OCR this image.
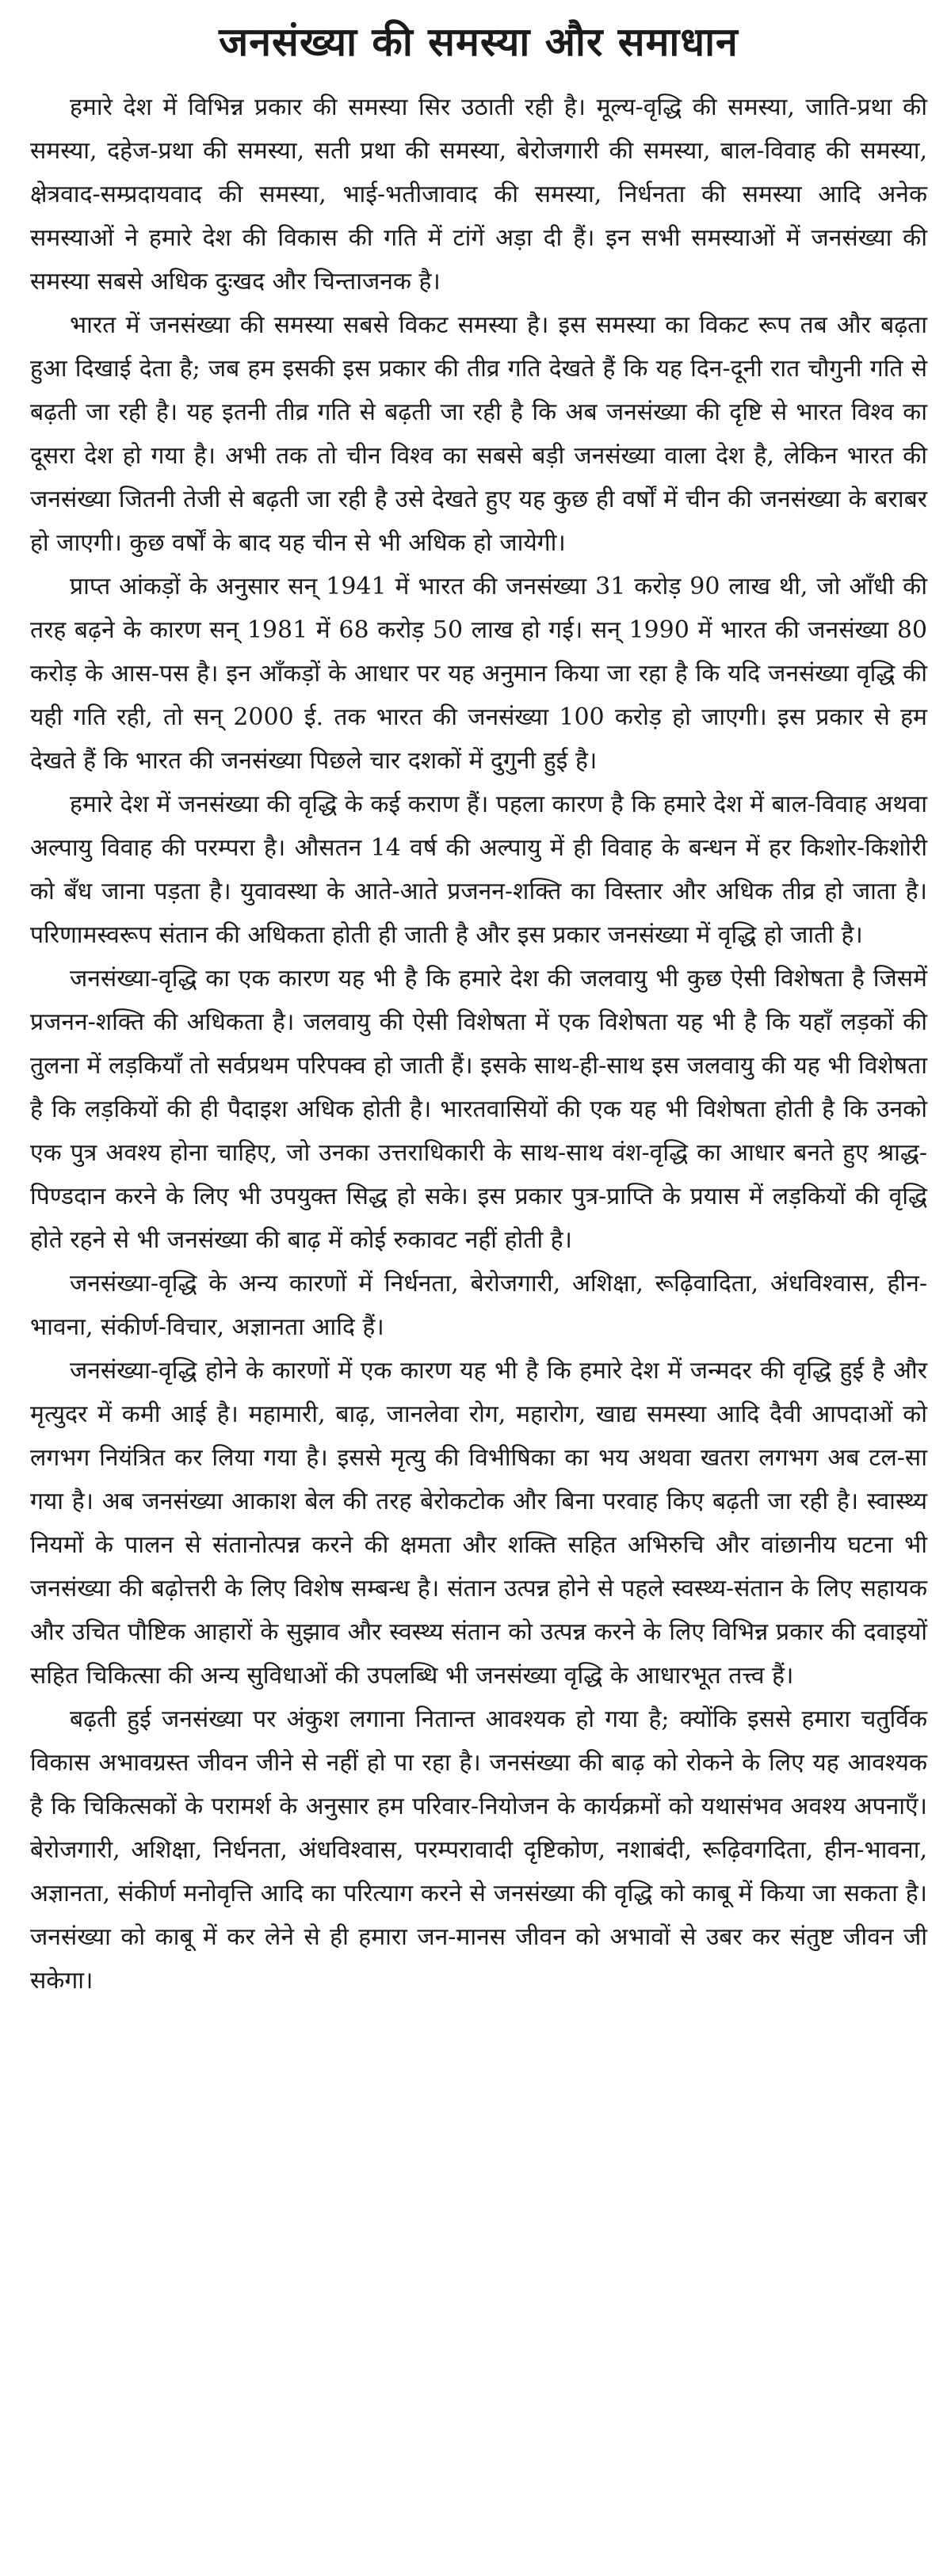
जनसंख्या की समस्या और समाधान

हमारे देश में विभिन्न प्रकार की समस्या सिर उठाती रही है। मूल्य-वृद्धि की समस्या, जाति-प्रथा की समस्या, दहेज-प्रथा की समस्या, सती प्रथा की समस्या, बेरोजगारी की समस्या, बाल-विवाह की समस्या, क्षेत्रवाद-सम्प्रदायवाद की समस्या, भाई-भतीजावाद की समस्या, निर्धनता की समस्या आदि अनेक समस्याओं ने हमारे देश की विकास की गति में टांगें अड़ा दी हैं। इन सभी समस्याओं में जनसंख्या की समस्या सबसे अधिक दुःखद और चिन्ताजनक है।

भारत में जनसंख्या की समस्या सबसे विकट समस्या है। इस समस्या का विकट रूप तब और बढ़ता हुआ दिखाई देता है; जब हम इसकी इस प्रकार की तीव्र गति देखते हैं कि यह दिन-दूनी रात चौगुनी गति से बढ़ती जा रही है। यह इतनी तीव्र गति से बढ़ती जा रही है कि अब जनसंख्या की दृष्टि से भारत विश्व का दूसरा देश हो गया है। अभी तक तो चीन विश्व का सबसे बड़ी जनसंख्या वाला देश है, लेकिन भारत की जनसंख्या जितनी तेजी से बढ़ती जा रही है उसे देखते हुए यह कुछ ही वर्षों में चीन की जनसंख्या के बराबर हो जाएगी। कुछ वर्षों के बाद यह चीन से भी अधिक हो जायेगी।

प्राप्त आंकड़ों के अनुसार सन् 1941 में भारत की जनसंख्या 31 करोड़ 90 लाख थी, जो आँधी की तरह बढ़ने के कारण सन् 1981 में 68 करोड़ 50 लाख हो गई। सन् 1990 में भारत की जनसंख्या 80 करोड़ के आस-पस है। इन आँकड़ों के आधार पर यह अनुमान किया जा रहा है कि यदि जनसंख्या वृद्धि की यही गति रही, तो सन् 2000 ई. तक भारत की जनसंख्या 100 करोड़ हो जाएगी। इस प्रकार से हम देखते हैं कि भारत की जनसंख्या पिछले चार दशकों में दुगुनी हुई है।

हमारे देश में जनसंख्या की वृद्धि के कई कराण हैं। पहला कारण है कि हमारे देश में बाल-विवाह अथवा अल्पायु विवाह की परम्परा है। औसतन 14 वर्ष की अल्पायु में ही विवाह के बन्धन में हर किशोर-किशोरी को बँध जाना पड़ता है। युवावस्था के आते-आते प्रजनन-शक्ति का विस्तार और अधिक तीव्र हो जाता है। परिणामस्वरूप संतान की अधिकता होती ही जाती है और इस प्रकार जनसंख्या में वृद्धि हो जाती है।

जनसंख्या-वृद्धि का एक कारण यह भी है कि हमारे देश की जलवायु भी कुछ ऐसी विशेषता है जिसमें प्रजनन-शक्ति की अधिकता है। जलवायु की ऐसी विशेषता में एक विशेषता यह भी है कि यहाँ लड़कों की तुलना में लड़कियाँ तो सर्वप्रथम परिपक्व हो जाती हैं। इसके साथ-ही-साथ इस जलवायु की यह भी विशेषता है कि लड़कियों की ही पैदाइश अधिक होती है। भारतवासियों की एक यह भी विशेषता होती है कि उनको एक पुत्र अवश्य होना चाहिए, जो उनका उत्तराधिकारी के साथ-साथ वंश-वृद्धि का आधार बनते हुए श्राद्ध-पिण्डदान करने के लिए भी उपयुक्त सिद्ध हो सके। इस प्रकार पुत्र-प्राप्ति के प्रयास में लड़कियों की वृद्धि होते रहने से भी जनसंख्या की बाढ़ में कोई रुकावट नहीं होती है।

जनसंख्या-वृद्धि के अन्य कारणों में निर्धनता, बेरोजगारी, अशिक्षा, रूढ़िवादिता, अंधविश्वास, हीन-भावना, संकीर्ण-विचार, अज्ञानता आदि हैं।

जनसंख्या-वृद्धि होने के कारणों में एक कारण यह भी है कि हमारे देश में जन्मदर की वृद्धि हुई है और मृत्युदर में कमी आई है। महामारी, बाढ़, जानलेवा रोग, महारोग, खाद्य समस्या आदि दैवी आपदाओं को लगभग नियंत्रित कर लिया गया है। इससे मृत्यु की विभीषिका का भय अथवा खतरा लगभग अब टल-सा गया है। अब जनसंख्या आकाश बेल की तरह बेरोकटोक और बिना परवाह किए बढ़ती जा रही है। स्वास्थ्य नियमों के पालन से संतानोत्पन्न करने की क्षमता और शक्ति सहित अभिरुचि और वांछानीय घटना भी जनसंख्या की बढ़ोत्तरी के लिए विशेष सम्बन्ध है। संतान उत्पन्न होने से पहले स्वस्थ्य-संतान के लिए सहायक और उचित पौष्टिक आहारों के सुझाव और स्वस्थ्य संतान को उत्पन्न करने के लिए विभिन्न प्रकार की दवाइयों सहित चिकित्सा की अन्य सुविधाओं की उपलब्धि भी जनसंख्या वृद्धि के आधारभूत तत्त्व हैं।

बढ़ती हुई जनसंख्या पर अंकुश लगाना नितान्त आवश्यक हो गया है; क्योंकि इससे हमारा चतुर्विक विकास अभावग्रस्त जीवन जीने से नहीं हो पा रहा है। जनसंख्या की बाढ़ को रोकने के लिए यह आवश्यक है कि चिकित्सकों के परामर्श के अनुसार हम परिवार-नियोजन के कार्यक्रमों को यथासंभव अवश्य अपनाएँ। बेरोजगारी, अशिक्षा, निर्धनता, अंधविश्वास, परम्परावादी दृष्टिकोण, नशाबंदी, रूढ़िवगदिता, हीन-भावना, अज्ञानता, संकीर्ण मनोवृत्ति आदि का परित्याग करने से जनसंख्या की वृद्धि को काबू में किया जा सकता है। जनसंख्या को काबू में कर लेने से ही हमारा जन-मानस जीवन को अभावों से उबर कर संतुष्ट जीवन जी सकेगा।
